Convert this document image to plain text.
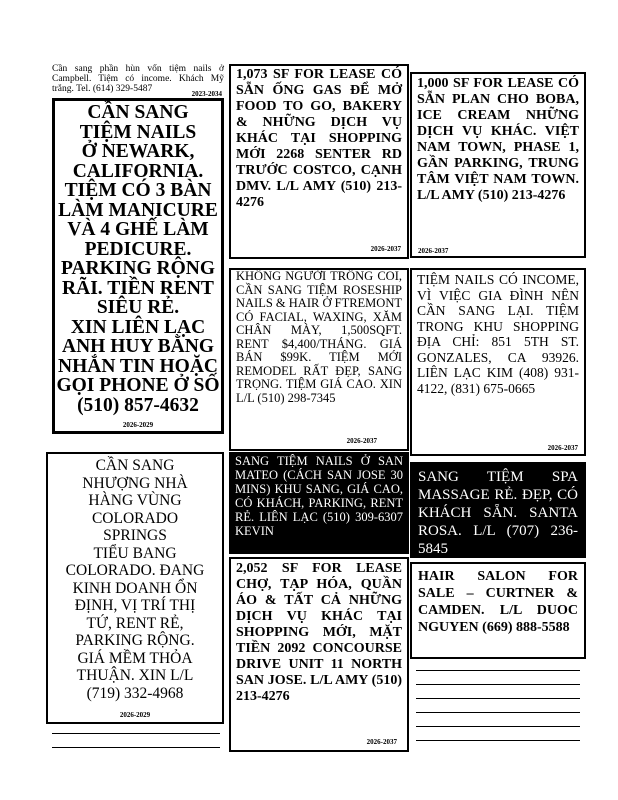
Cần sang phần hùn vốn tiệm nails ở Campbell. Tiệm có income. Khách Mỹ trắng. Tel. (614) 329-5487	2023-2034

CẦN SANG
TIỆM NAILS
Ở NEWARK,
CALIFORNIA.
TIỆM CÓ 3 BÀN
LÀM MANICURE
VÀ 4 GHẾ LÀM
PEDICURE.
PARKING RỘNG
RÃI. TIỀN RENT
SIÊU RẺ.
XIN LIÊN LẠC
ANH HUY BẰNG
NHẮN TIN HOẶC
GỌI PHONE Ở SỐ
(510) 857-4632

2026-2029

1,073 SF FOR LEASE CÓ SẴN ỐNG GAS ĐỂ MỞ FOOD TO GO, BAKERY & NHỮNG DỊCH VỤ KHÁC TẠI SHOPPING MỚI 2268 SENTER RD TRƯỚC COSTCO, CẠNH DMV. L/L AMY (510) 213-4276

2026-2037

1,000 SF FOR LEASE CÓ SẴN PLAN CHO BOBA, ICE CREAM NHỮNG DỊCH VỤ KHÁC. VIỆT NAM TOWN, PHASE 1, GẦN PARKING, TRUNG TÂM VIỆT NAM TOWN. L/L AMY (510) 213-4276

2026-2037

KHÔNG NGƯỜI TRÔNG COI, CẦN SANG TIỆM ROSESHIP NAILS & HAIR Ở FTREMONT CÓ FACIAL, WAXING, XĂM CHÂN MÀY, 1,500SQFT. RENT $4,400/THÁNG. GIÁ BÁN $99K. TIỆM MỚI REMODEL RẤT ĐẸP, SANG TRỌNG. TIỆM GIÁ CAO. XIN L/L (510) 298-7345

2026-2037

TIỆM NAILS CÓ INCOME, VÌ VIỆC GIA ĐÌNH NÊN CẦN SANG LẠI. TIỆM TRONG KHU SHOPPING ĐỊA CHỈ: 851 5TH ST. GONZALES, CA 93926. LIÊN LẠC KIM (408) 931-4122, (831) 675-0665

2026-2037

CẦN SANG
NHƯỢNG NHÀ
HÀNG VÙNG
COLORADO
SPRINGS
TIỂU BANG
COLORADO. ĐANG
KINH DOANH ỔN
ĐỊNH, VỊ TRÍ THỊ
TỨ, RENT RẺ,
PARKING RỘNG.
GIÁ MỀM THỎA
THUẬN. XIN L/L
(719) 332-4968

2026-2029

SANG TIỆM NAILS Ở SAN MATEO (CÁCH SAN JOSE 30 MINS) KHU SANG, GIÁ CAO, CÓ KHÁCH, PARKING, RENT RẺ. LIÊN LẠC (510) 309-6307 KEVIN

SANG TIỆM SPA MASSAGE RẺ. ĐẸP, CÓ KHÁCH SẴN. SANTA ROSA. L/L (707) 236-5845

2,052 SF FOR LEASE CHỢ, TẠP HÓA, QUẦN ÁO & TẤT CẢ NHỮNG DỊCH VỤ KHÁC TẠI SHOPPING MỚI, MẶT TIỀN 2092 CONCOURSE DRIVE UNIT 11 NORTH SAN JOSE. L/L AMY (510) 213-4276

2026-2037

HAIR SALON FOR SALE – CURTNER & CAMDEN. L/L DUOC NGUYEN (669) 888-5588
